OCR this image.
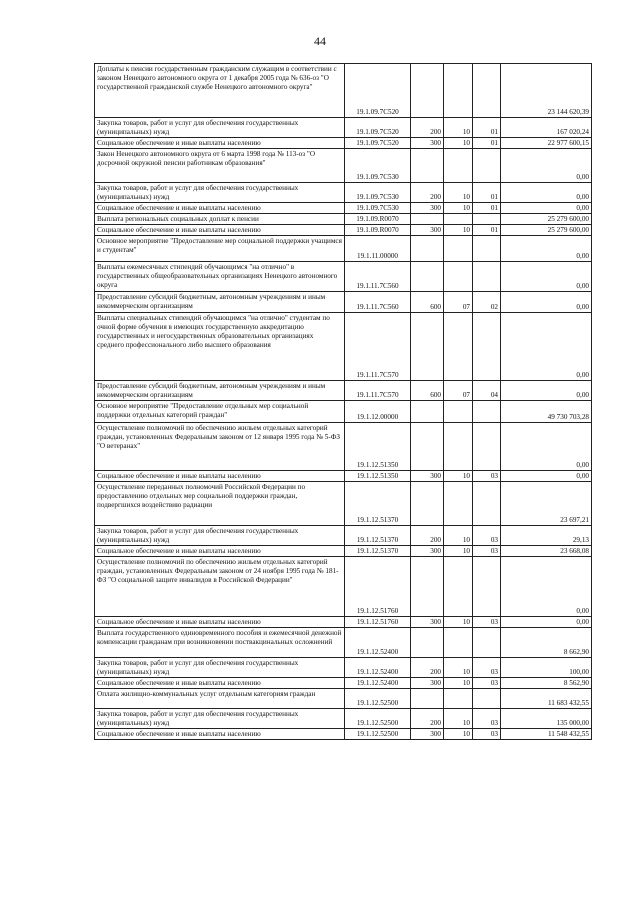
44
Доплаты к пенсии государственным гражданским служащим в соответствии с законом Ненецкого автономного округа от 1 декабря 2005 года № 636-оз "О государственной гражданской службе Ненецкого автономного округа"	19.1.09.7C520				23 144 620,39
Закупка товаров, работ и услуг для обеспечения государственных (муниципальных) нужд	19.1.09.7C520	200	10	01	167 020,24
Социальное обеспечение и иные выплаты населению	19.1.09.7C520	300	10	01	22 977 600,15
Закон Ненецкого автономного округа от 6 марта 1998 года № 113-оз "О досрочной окружной пенсии работникам образования"	19.1.09.7C530				0,00
Закупка товаров, работ и услуг для обеспечения государственных (муниципальных) нужд	19.1.09.7C530	200	10	01	0,00
Социальное обеспечение и иные выплаты населению	19.1.09.7C530	300	10	01	0,00
Выплата региональных социальных доплат к пенсии	19.1.09.R0070				25 279 600,00
Социальное обеспечение и иные выплаты населению	19.1.09.R0070	300	10	01	25 279 600,00
Основное мероприятие "Предоставление мер социальной поддержки учащимся и студентам"	19.1.11.00000				0,00
Выплаты ежемесячных стипендий обучающимся "на отлично" в государственных общеобразовательных организациях Ненецкого автономного округа	19.1.11.7C560				0,00
Предоставление субсидий бюджетным, автономным учреждениям и иным некоммерческим организациям	19.1.11.7C560	600	07	02	0,00
Выплаты специальных стипендий обучающимся "на отлично" студентам по очной форме обучения в имеющих государственную аккредитацию государственных и негосударственных образовательных организациях среднего профессионального либо высшего образования	19.1.11.7C570				0,00
Предоставление субсидий бюджетным, автономным учреждениям и иным некоммерческим организациям	19.1.11.7C570	600	07	04	0,00
Основное мероприятие "Предоставление отдельных мер социальной поддержки отдельных категорий граждан"	19.1.12.00000				49 730 703,28
Осуществление полномочий по обеспечению жильем отдельных категорий граждан, установленных Федеральным законом от 12 января 1995 года № 5-ФЗ "О ветеранах"	19.1.12.51350				0,00
Социальное обеспечение и иные выплаты населению	19.1.12.51350	300	10	03	0,00
Осуществление переданных полномочий Российской Федерации по предоставлению отдельных мер социальной поддержки граждан, подвергшихся воздействию радиации	19.1.12.51370				23 697,21
Закупка товаров, работ и услуг для обеспечения государственных (муниципальных) нужд	19.1.12.51370	200	10	03	29,13
Социальное обеспечение и иные выплаты населению	19.1.12.51370	300	10	03	23 668,08
Осуществление полномочий по обеспечению жильем отдельных категорий граждан, установленных Федеральным законом от 24 ноября 1995 года № 181-ФЗ "О социальной защите инвалидов в Российской Федерации"	19.1.12.51760				0,00
Социальное обеспечение и иные выплаты населению	19.1.12.51760	300	10	03	0,00
Выплата государственного единовременного пособия и ежемесячной денежной компенсации гражданам при возникновении поствакцинальных осложнений	19.1.12.52400				8 662,90
Закупка товаров, работ и услуг для обеспечения государственных (муниципальных) нужд	19.1.12.52400	200	10	03	100,00
Социальное обеспечение и иные выплаты населению	19.1.12.52400	300	10	03	8 562,90
Оплата жилищно-коммунальных услуг отдельным категориям граждан	19.1.12.52500				11 683 432,55
Закупка товаров, работ и услуг для обеспечения государственных (муниципальных) нужд	19.1.12.52500	200	10	03	135 000,00
Социальное обеспечение и иные выплаты населению	19.1.12.52500	300	10	03	11 548 432,55
